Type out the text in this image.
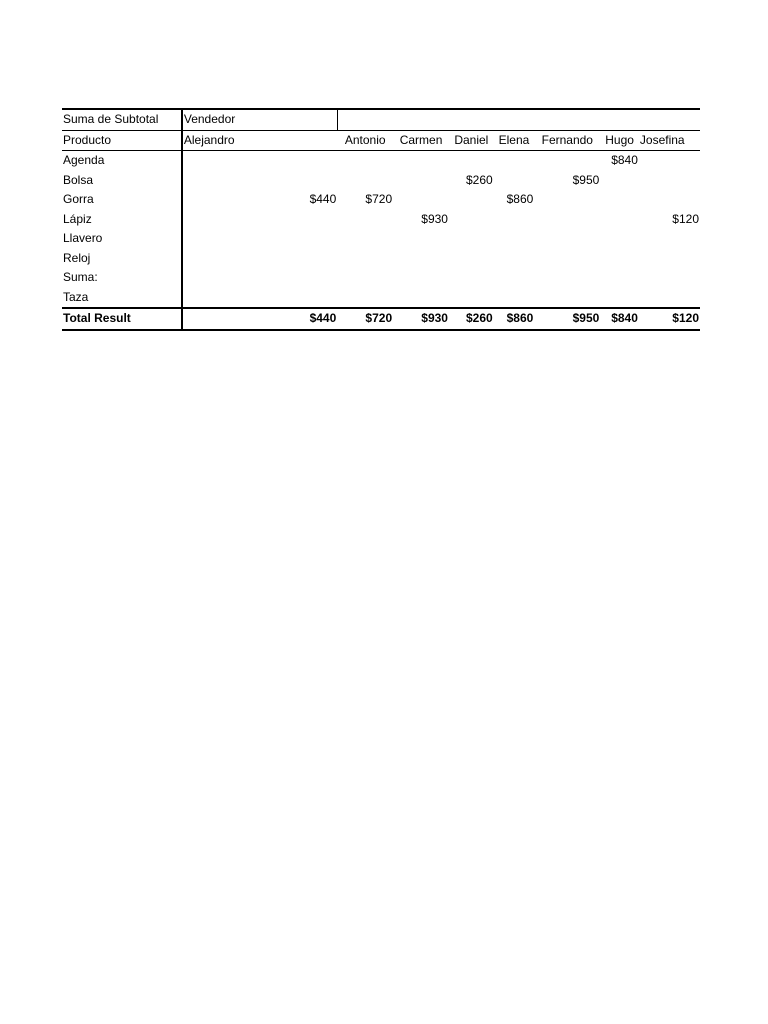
Suma de Subtotal	Vendedor							
Producto	Alejandro	Antonio	Carmen	Daniel	Elena	Fernando	Hugo	Josefina
Agenda							$840	
Bolsa				$260		$950		
Gorra	$440	$720			$860			
Lápiz			$930					$120
Llavero								
Reloj								
Suma:								
Taza								
Total Result	$440	$720	$930	$260	$860	$950	$840	$120
